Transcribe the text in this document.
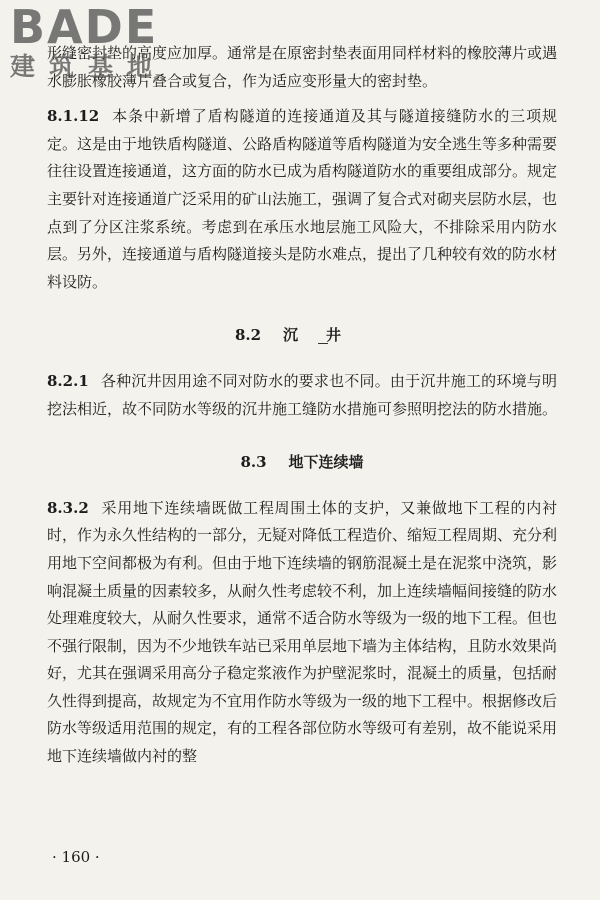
BADE
建筑基地

形缝密封垫的高度应加厚。通常是在原密封垫表面用同样材料的橡胶薄片或遇水膨胀橡胶薄片叠合或复合，作为适应变形量大的密封垫。

8.1.12 本条中新增了盾构隧道的连接通道及其与隧道接缝防水的三项规定。这是由于地铁盾构隧道、公路盾构隧道等盾构隧道为安全逃生等多种需要往往设置连接通道，这方面的防水已成为盾构隧道防水的重要组成部分。规定主要针对连接通道广泛采用的矿山法施工，强调了复合式对砌夹层防水层，也点到了分区注浆系统。考虑到在承压水地层施工风险大，不排除采用内防水层。另外，连接通道与盾构隧道接头是防水难点，提出了几种较有效的防水材料设防。

8.2 沉井

8.2.1 各种沉井因用途不同对防水的要求也不同。由于沉井施工的环境与明挖法相近，故不同防水等级的沉井施工缝防水措施可参照明挖法的防水措施。

8.3 地下连续墙

8.3.2 采用地下连续墙既做工程周围土体的支护，又兼做地下工程的内衬时，作为永久性结构的一部分，无疑对降低工程造价、缩短工程周期、充分利用地下空间都极为有利。但由于地下连续墙的钢筋混凝土是在泥浆中浇筑，影响混凝土质量的因素较多，从耐久性考虑较不利，加上连续墙幅间接缝的防水处理难度较大，从耐久性要求，通常不适合防水等级为一级的地下工程。但也不强行限制，因为不少地铁车站已采用单层地下墙为主体结构，且防水效果尚好，尤其在强调采用高分子稳定浆液作为护壁泥浆时，混凝土的质量，包括耐久性得到提高，故规定为不宜用作防水等级为一级的地下工程中。根据修改后防水等级适用范围的规定，有的工程各部位防水等级可有差别，故不能说采用地下连续墙做内衬的整

· 160 ·
